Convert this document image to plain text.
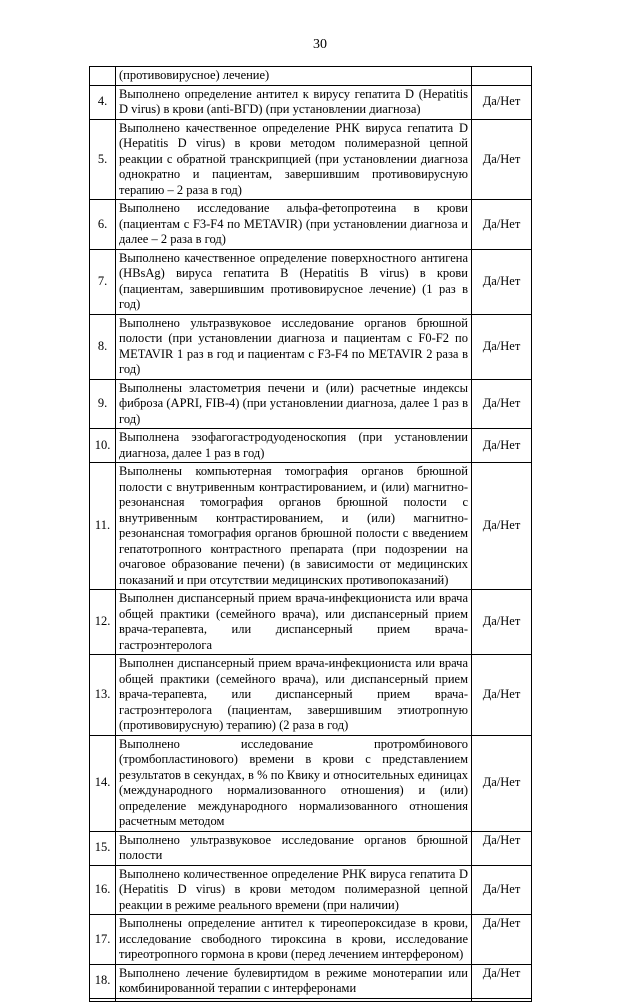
30
	(противовирусное) лечение)	
4.	Выполнено определение антител к вирусу гепатита D (Hepatitis D virus) в крови (anti-ВГD) (при установлении диагноза)	Да/Нет
5.	Выполнено качественное определение РНК вируса гепатита D (Hepatitis D virus) в крови методом полимеразной цепной реакции с обратной транскрипцией (при установлении диагноза однократно и пациентам, завершившим противовирусную терапию – 2 раза в год)	Да/Нет
6.	Выполнено исследование альфа-фетопротеина в крови (пациентам с F3-F4 по METAVIR) (при установлении диагноза и далее – 2 раза в год)	Да/Нет
7.	Выполнено качественное определение поверхностного антигена (HBsAg) вируса гепатита B (Hepatitis B virus) в крови (пациентам, завершившим противовирусное лечение) (1 раз в год)	Да/Нет
8.	Выполнено ультразвуковое исследование органов брюшной полости (при установлении диагноза и пациентам с F0-F2 по METAVIR 1 раз в год и пациентам с F3-F4 по METAVIR 2 раза в год)	Да/Нет
9.	Выполнены эластометрия печени и (или) расчетные индексы фиброза (APRI, FIB-4) (при установлении диагноза, далее 1 раз в год)	Да/Нет
10.	Выполнена эзофагогастродуоденоскопия (при установлении диагноза, далее 1 раз в год)	Да/Нет
11.	Выполнены компьютерная томография органов брюшной полости с внутривенным контрастированием, и (или) магнитно-резонансная томография органов брюшной полости с внутривенным контрастированием, и (или) магнитно-резонансная томография органов брюшной полости с введением гепатотропного контрастного препарата (при подозрении на очаговое образование печени) (в зависимости от медицинских показаний и при отсутствии медицинских противопоказаний)	Да/Нет
12.	Выполнен диспансерный прием врача-инфекциониста или врача общей практики (семейного врача), или диспансерный прием врача-терапевта, или диспансерный прием врача-гастроэнтеролога	Да/Нет
13.	Выполнен диспансерный прием врача-инфекциониста или врача общей практики (семейного врача), или диспансерный прием врача-терапевта, или диспансерный прием врача-гастроэнтеролога (пациентам, завершившим этиотропную (противовирусную) терапию) (2 раза в год)	Да/Нет
14.	Выполнено исследование протромбинового (тромбопластинового) времени в крови с представлением результатов в секундах, в % по Квику и относительных единицах (международного нормализованного отношения) и (или) определение международного нормализованного отношения расчетным методом	Да/Нет
15.	Выполнено ультразвуковое исследование органов брюшной полости	Да/Нет
16.	Выполнено количественное определение РНК вируса гепатита D (Hepatitis D virus) в крови методом полимеразной цепной реакции в режиме реального времени (при наличии)	Да/Нет
17.	Выполнены определение антител к тиреопероксидазе в крови, исследование свободного тироксина в крови, исследование тиреотропного гормона в крови (перед лечением интерфероном)	Да/Нет
18.	Выполнено лечение булевиртидом в режиме монотерапии или комбинированной терапии с интерферонами	Да/Нет
